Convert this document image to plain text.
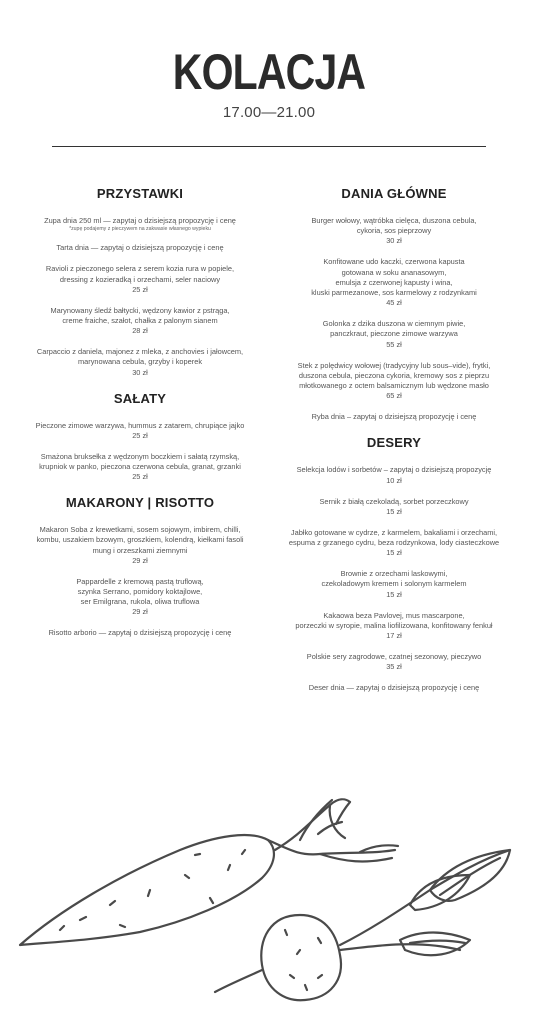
KOLACJA
17.00—21.00
PRZYSTAWKI
Zupa dnia 250 ml — zapytaj o dzisiejszą propozycję i cenę
*zupę podajemy z pieczywem na zakwasie własnego wypieku
Tarta dnia — zapytaj o dzisiejszą propozycję i cenę
Ravioli z pieczonego selera z serem kozia rura w popiele,
dressing z kozieradką i orzechami, seler naciowy
25 zł
Marynowany śledź bałtycki, wędzony kawior z pstrąga,
creme fraiche, szałot, chałka z palonym sianem
28 zł
Carpaccio z daniela, majonez z mleka, z anchovies i jałowcem,
marynowana cebula, grzyby i koperek
30 zł
SAŁATY
Pieczone zimowe warzywa, hummus z zatarem, chrupiące jajko
25 zł
Smażona bruksełka z wędzonym boczkiem i sałatą rzymską,
krupniok w panko, pieczona czerwona cebula, granat, grzanki
25 zł
MAKARONY | RISOTTO
Makaron Soba z krewetkami, sosem sojowym, imbirem, chilli,
kombu, uszakiem bzowym, groszkiem, kolendrą, kiełkami fasoli
mung i orzeszkami ziemnymi
29 zł
Pappardelle z kremową pastą truflową,
szynka Serrano, pomidory koktajlowe,
ser Emilgrana, rukola, oliwa truflowa
29 zł
Risotto arborio — zapytaj o dzisiejszą propozycję i cenę
DANIA GŁÓWNE
Burger wołowy, wątróbka cielęca, duszona cebula,
cykoria, sos pieprzowy
30 zł
Konfitowane udo kaczki, czerwona kapusta
gotowana w soku ananasowym,
emulsja z czerwonej kapusty i wina,
kluski parmezanowe, sos karmelowy z rodzynkami
45 zł
Golonka z dzika duszona w ciemnym piwie,
panczkraut, pieczone zimowe warzywa
55 zł
Stek z polędwicy wołowej (tradycyjny lub sous–vide), frytki,
duszona cebula, pieczona cykoria, kremowy sos z pieprzu
młotkowanego z octem balsamicznym lub wędzone masło
65 zł
Ryba dnia – zapytaj o dzisiejszą propozycję i cenę
DESERY
Selekcja lodów i sorbetów – zapytaj o dzisiejszą propozycję
10 zł
Sernik z białą czekoladą, sorbet porzeczkowy
15 zł
Jabłko gotowane w cydrze, z karmelem, bakaliami i orzechami,
espuma z grzanego cydru, beza rodzynkowa, lody ciasteczkowe
15 zł
Brownie z orzechami laskowymi,
czekoladowym kremem i solonym karmelem
15 zł
Kakaowa beza Pavlovej, mus mascarpone,
porzeczki w syropie, malina liofilizowana, konfitowany fenkuł
17 zł
Polskie sery zagrodowe, czatnej sezonowy, pieczywo
35 zł
Deser dnia — zapytaj o dzisiejszą propozycję i cenę
